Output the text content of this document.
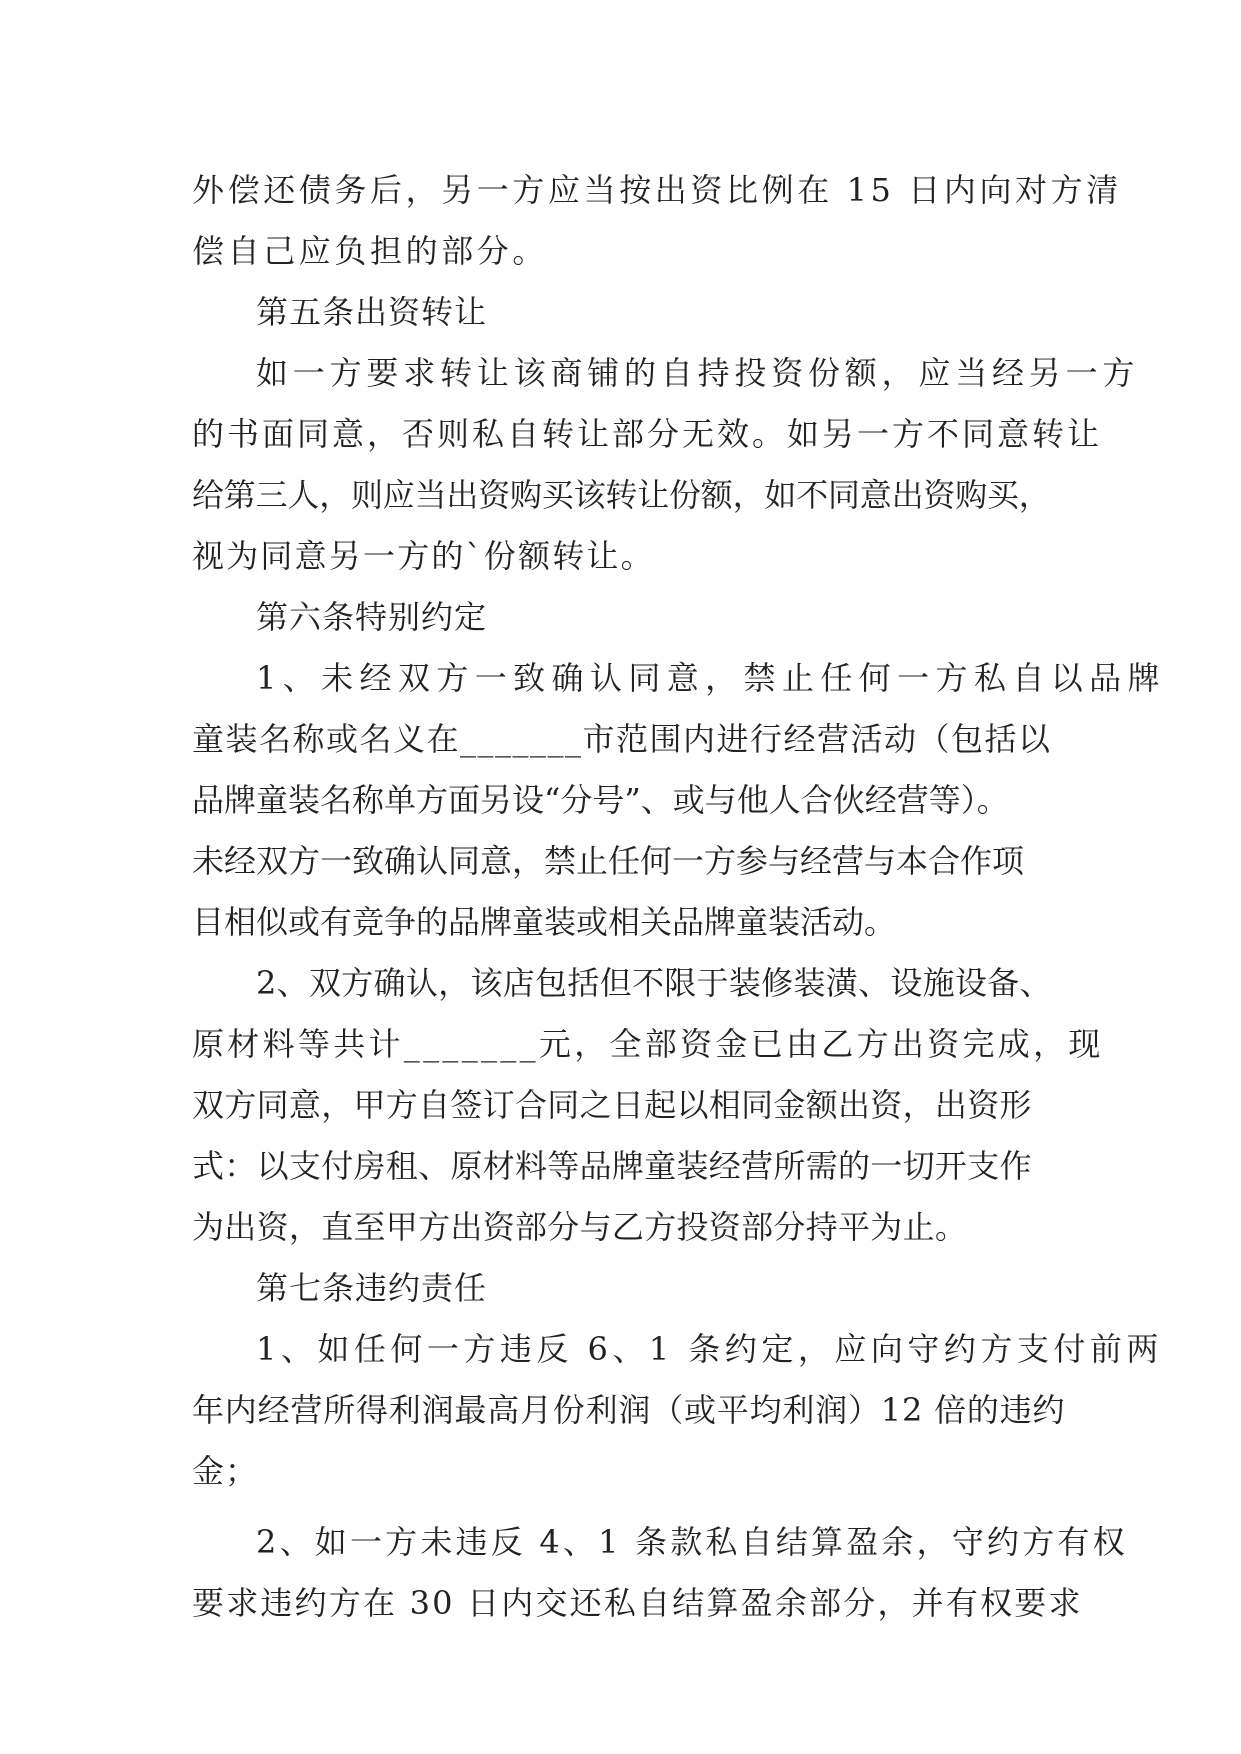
外偿还债务后，另一方应当按出资比例在 15 日内向对方清

偿自己应负担的部分。

第五条出资转让

如一方要求转让该商铺的自持投资份额，应当经另一方

的书面同意，否则私自转让部分无效。如另一方不同意转让

给第三人，则应当出资购买该转让份额，如不同意出资购买，

视为同意另一方的`份额转让。

第六条特别约定

1、未经双方一致确认同意，禁止任何一方私自以品牌

童装名称或名义在_______市范围内进行经营活动（包括以

品牌童装名称单方面另设“分号”、或与他人合伙经营等）。

未经双方一致确认同意，禁止任何一方参与经营与本合作项

目相似或有竞争的品牌童装或相关品牌童装活动。

2、双方确认，该店包括但不限于装修装潢、设施设备、

原材料等共计_______元，全部资金已由乙方出资完成，现

双方同意，甲方自签订合同之日起以相同金额出资，出资形

式：以支付房租、原材料等品牌童装经营所需的一切开支作

为出资，直至甲方出资部分与乙方投资部分持平为止。

第七条违约责任

1、如任何一方违反 6、1 条约定，应向守约方支付前两

年内经营所得利润最高月份利润（或平均利润）12 倍的违约

金；

2、如一方未违反 4、1 条款私自结算盈余，守约方有权

要求违约方在 30 日内交还私自结算盈余部分，并有权要求
